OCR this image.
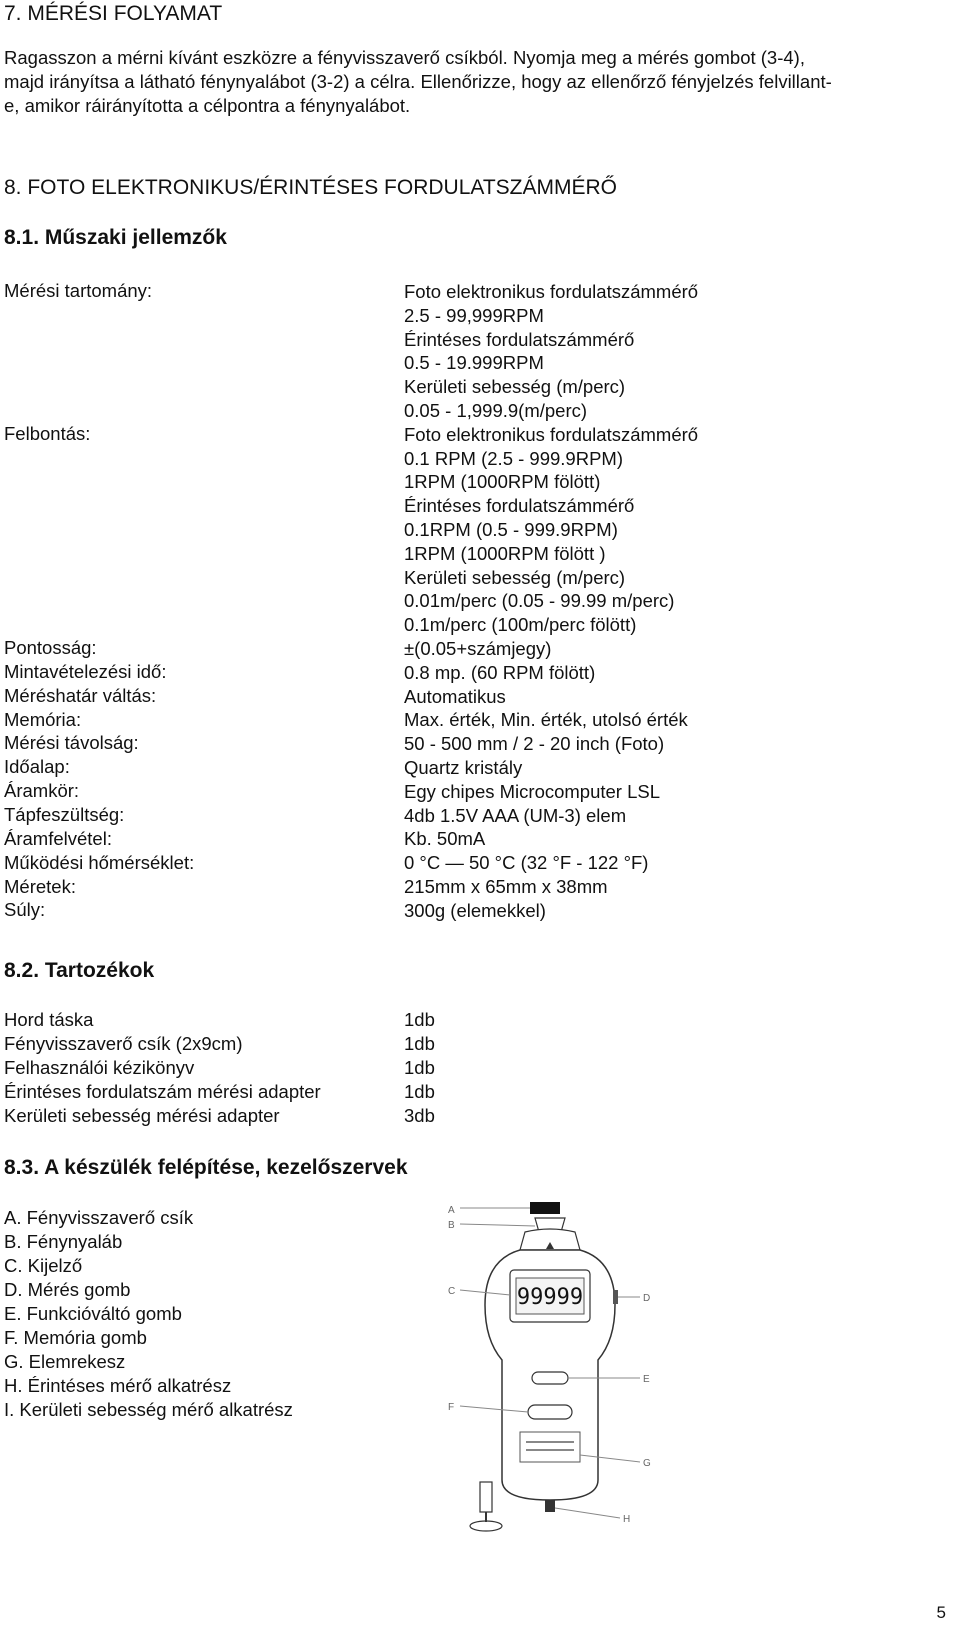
7. MÉRÉSI FOLYAMAT
Ragasszon a mérni kívánt eszközre a fényvisszaverő csíkból. Nyomja meg a mérés gombot (3-4),
majd irányítsa a látható fénynyalábot (3-2) a célra. Ellenőrizze, hogy az ellenőrző fényjelzés felvillant-
e, amikor ráirányította a célpontra a fénynyalábot.
8. FOTO ELEKTRONIKUS/ÉRINTÉSES FORDULATSZÁMMÉRŐ
8.1. Műszaki jellemzők
Mérési tartomány:
Felbontás:
Pontosság:
Mintavételezési idő:
Méréshatár váltás:
Memória:
Mérési távolság:
Időalap:
Áramkör:
Tápfeszültség:
Áramfelvétel:
Működési hőmérséklet:
Méretek:
Súly:
Foto elektronikus fordulatszámmérő
2.5 - 99,999RPM
Érintéses fordulatszámmérő
0.5 - 19.999RPM
Kerületi sebesség (m/perc)
0.05 - 1,999.9(m/perc)
Foto elektronikus fordulatszámmérő
0.1 RPM (2.5 - 999.9RPM)
1RPM (1000RPM fölött)
Érintéses fordulatszámmérő
0.1RPM (0.5 - 999.9RPM)
1RPM (1000RPM fölött )
Kerületi sebesség (m/perc)
0.01m/perc (0.05 - 99.99 m/perc)
0.1m/perc (100m/perc fölött)
±(0.05+számjegy)
0.8 mp. (60 RPM fölött)
Automatikus
Max. érték, Min. érték, utolsó érték
50 - 500 mm / 2 - 20 inch (Foto)
Quartz kristály
Egy chipes Microcomputer LSL
4db 1.5V AAA (UM-3) elem
Kb. 50mA
0 °C — 50 °C (32 °F - 122 °F)
215mm x 65mm x 38mm
300g (elemekkel)
8.2. Tartozékok
Hord táska
Fényvisszaverő csík (2x9cm)
Felhasználói kézikönyv
Érintéses fordulatszám mérési adapter
Kerületi sebesség mérési adapter
1db
1db
1db
1db
3db
8.3. A készülék felépítése, kezelőszervek
A. Fényvisszaverő csík
B. Fénynyaláb
C. Kijelző
D. Mérés gomb
E. Funkcióváltó gomb
F. Memória gomb
G. Elemrekesz
H. Érintéses mérő alkatrész
I. Kerületi sebesség mérő alkatrész
A
B
99999
C
D
E
F
G
H
5
